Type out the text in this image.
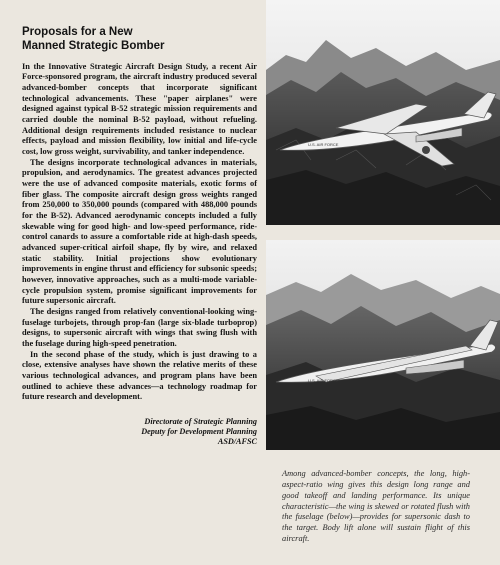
Proposals for a New
Manned Strategic Bomber

In the Innovative Strategic Aircraft Design Study, a recent Air Force-sponsored program, the aircraft industry produced several advanced-bomber concepts that incorporate significant technological advancements. These "paper airplanes" were designed against typical B-52 strategic mission requirements and carried double the nominal B-52 payload, without refueling. Additional design requirements included resistance to nuclear effects, payload and mission flexibility, low initial and life-cycle cost, low gross weight, survivability, and tanker independence.

The designs incorporate technological advances in materials, propulsion, and aerodynamics. The greatest advances projected were the use of advanced composite materials, exotic forms of fiber glass. The composite aircraft design gross weights ranged from 250,000 to 350,000 pounds (compared with 488,000 pounds for the B-52). Advanced aerodynamic concepts included a fully skewable wing for good high- and low-speed performance, ride-control canards to assure a comfortable ride at high-dash speeds, advanced super-critical airfoil shape, fly by wire, and relaxed static stability. Initial projections show evolutionary improvements in engine thrust and efficiency for subsonic speeds; however, innovative approaches, such as a multi-mode variable-cycle propulsion system, promise significant improvements for future supersonic aircraft.

The designs ranged from relatively conventional-looking wing-fuselage turbojets, through prop-fan (large six-blade turboprop) designs, to supersonic aircraft with wings that swing flush with the fuselage during high-speed penetration.

In the second phase of the study, which is just drawing to a close, extensive analyses have shown the relative merits of these various technological advances, and program plans have been outlined to achieve these advances—a technology roadmap for future research and development.

Directorate of Strategic Planning
Deputy for Development Planning
ASD/AFSC
U.S. AIR FORCE
U.S. AIR FORCE

Among advanced-bomber concepts, the long, high-aspect-ratio wing gives this design long range and good takeoff and landing performance. Its unique characteristic—the wing is skewed or rotated flush with the fuselage (below)—provides for supersonic dash to the target. Body lift alone will sustain flight of this aircraft.
